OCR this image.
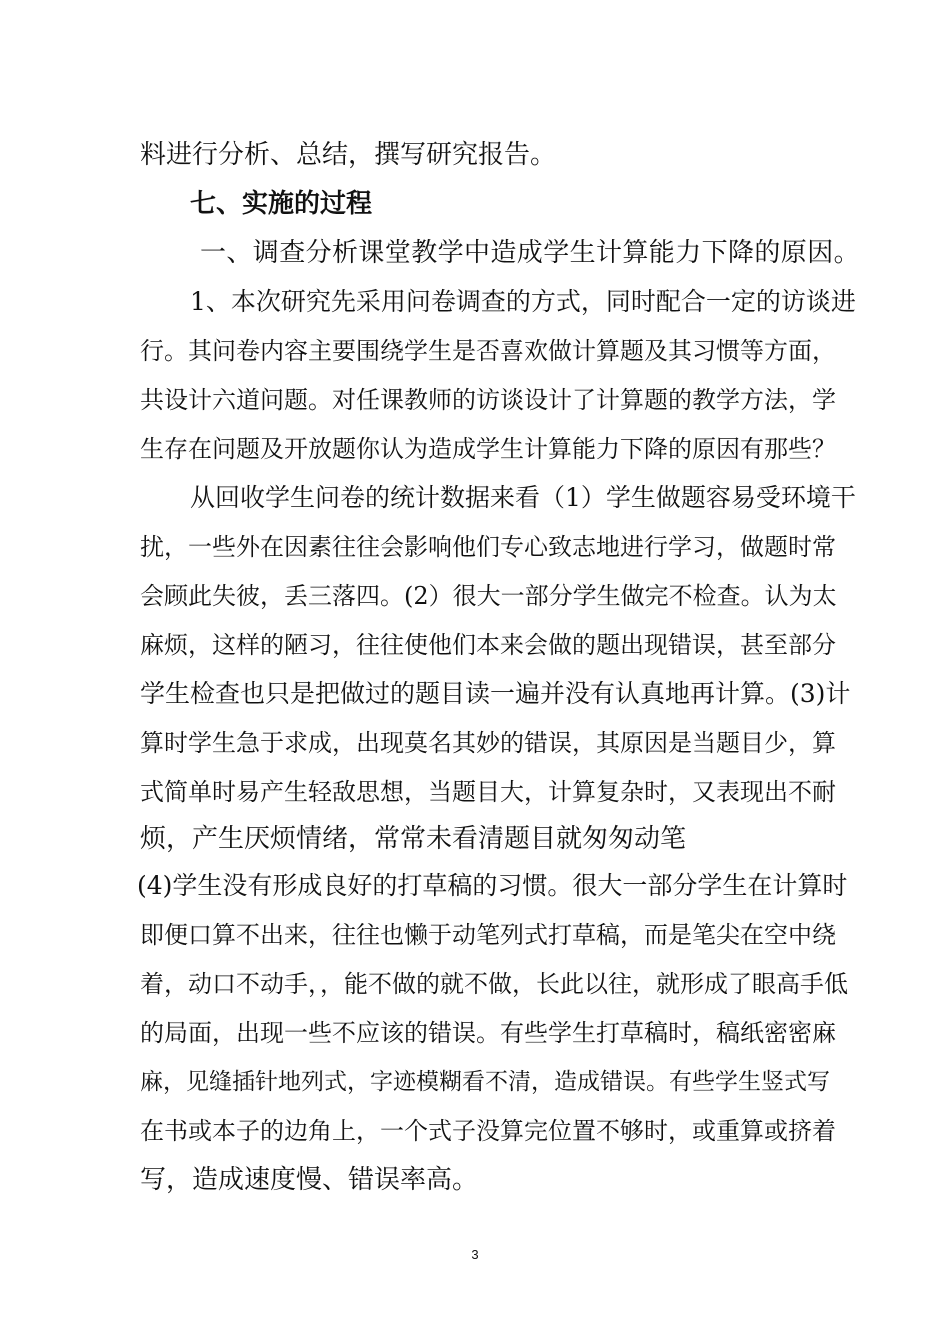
料进行分析、总结，撰写研究报告。
七、实施的过程
一、调查分析课堂教学中造成学生计算能力下降的原因。
1、本次研究先采用问卷调查的方式，同时配合一定的访谈进
行。其问卷内容主要围绕学生是否喜欢做计算题及其习惯等方面，
共设计六道问题。对任课教师的访谈设计了计算题的教学方法，学
生存在问题及开放题你认为造成学生计算能力下降的原因有那些？
从回收学生问卷的统计数据来看（1）学生做题容易受环境干
扰，一些外在因素往往会影响他们专心致志地进行学习，做题时常
会顾此失彼，丢三落四。(2）很大一部分学生做完不检查。认为太
麻烦，这样的陋习，往往使他们本来会做的题出现错误，甚至部分
学生检查也只是把做过的题目读一遍并没有认真地再计算。(3)计
算时学生急于求成，出现莫名其妙的错误，其原因是当题目少，算
式简单时易产生轻敌思想，当题目大，计算复杂时，又表现出不耐
烦，产生厌烦情绪，常常未看清题目就匆匆动笔
(4)学生没有形成良好的打草稿的习惯。很大一部分学生在计算时
即便口算不出来，往往也懒于动笔列式打草稿，而是笔尖在空中绕
着，动口不动手，，能不做的就不做，长此以往，就形成了眼高手低
的局面，出现一些不应该的错误。有些学生打草稿时，稿纸密密麻
麻，见缝插针地列式，字迹模糊看不清，造成错误。有些学生竖式写
在书或本子的边角上，一个式子没算完位置不够时，或重算或挤着
写，造成速度慢、错误率高。
3
